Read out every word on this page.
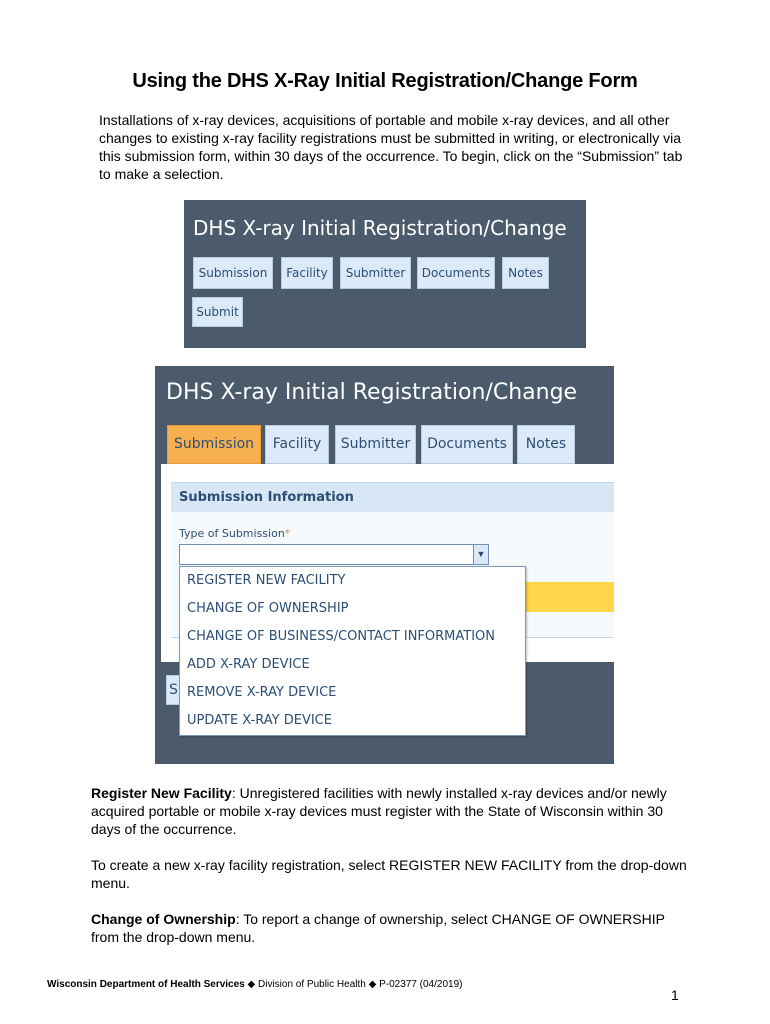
Using the DHS X-Ray Initial Registration/Change Form
Installations of x-ray devices, acquisitions of portable and mobile x-ray devices, and all other changes to existing x-ray facility registrations must be submitted in writing, or electronically via this submission form, within 30 days of the occurrence. To begin, click on the “Submission” tab to make a selection.
DHS X-ray Initial Registration/Change
Submission	Facility	Submitter	Documents	Notes
Submit
DHS X-ray Initial Registration/Change
Submission	Facility	Submitter	Documents	Notes
Submission Information
Type of Submission*
▼
S
REGISTER NEW FACILITY
CHANGE OF OWNERSHIP
CHANGE OF BUSINESS/CONTACT INFORMATION
ADD X-RAY DEVICE
REMOVE X-RAY DEVICE
UPDATE X-RAY DEVICE
Register New Facility: Unregistered facilities with newly installed x-ray devices and/or newly acquired portable or mobile x-ray devices must register with the State of Wisconsin within 30 days of the occurrence.
To create a new x-ray facility registration, select REGISTER NEW FACILITY from the drop-down menu.
Change of Ownership: To report a change of ownership, select CHANGE OF OWNERSHIP from the drop-down menu.
Wisconsin Department of Health Services ◆ Division of Public Health ◆ P-02377 (04/2019)
1
